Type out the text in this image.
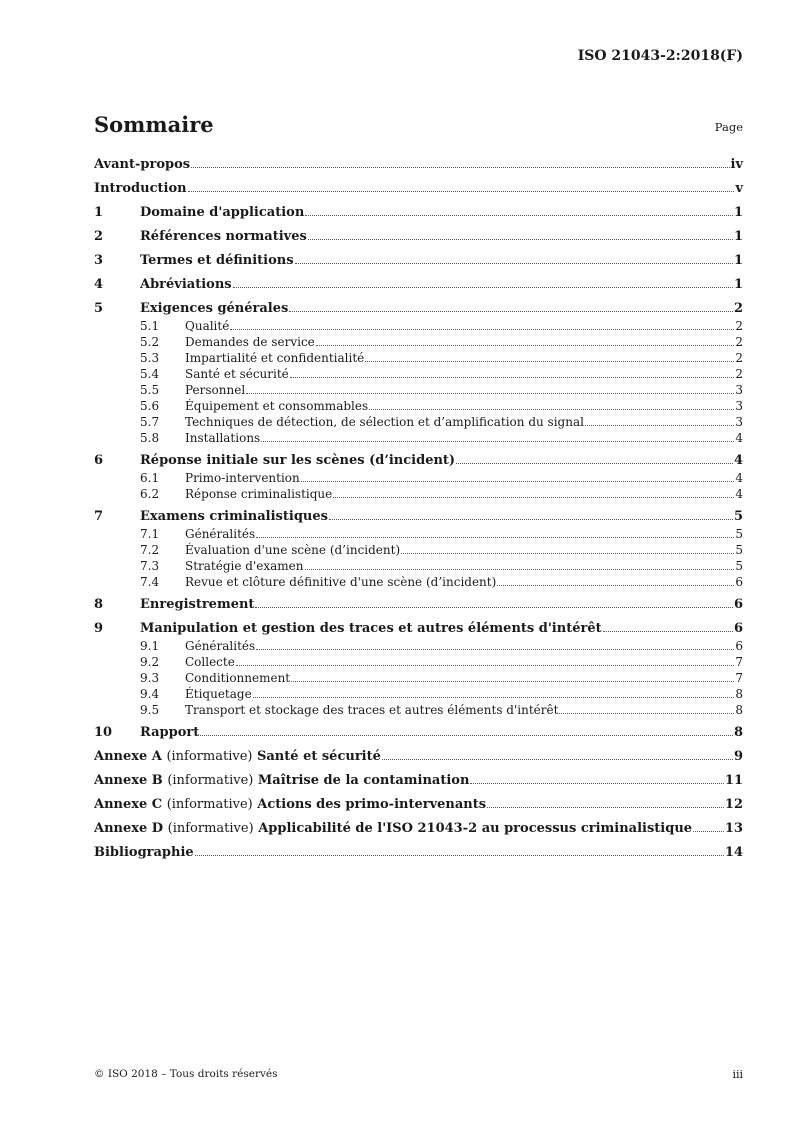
ISO 21043-2:2018(F)
Sommaire	Page
Avant-propos	iv
Introduction	v
1	Domaine d'application	1
2	Références normatives	1
3	Termes et définitions	1
4	Abréviations	1
5	Exigences générales	2
5.1	Qualité	2
5.2	Demandes de service	2
5.3	Impartialité et confidentialité	2
5.4	Santé et sécurité	2
5.5	Personnel	3
5.6	Équipement et consommables	3
5.7	Techniques de détection, de sélection et d’amplification du signal	3
5.8	Installations	4
6	Réponse initiale sur les scènes (d’incident)	4
6.1	Primo-intervention	4
6.2	Réponse criminalistique	4
7	Examens criminalistiques	5
7.1	Généralités	5
7.2	Évaluation d'une scène (d’incident)	5
7.3	Stratégie d'examen	5
7.4	Revue et clôture définitive d'une scène (d’incident)	6
8	Enregistrement	6
9	Manipulation et gestion des traces et autres éléments d'intérêt	6
9.1	Généralités	6
9.2	Collecte	7
9.3	Conditionnement	7
9.4	Étiquetage	8
9.5	Transport et stockage des traces et autres éléments d'intérêt	8
10	Rapport	8
Annexe A (informative) Santé et sécurité	9
Annexe B (informative) Maîtrise de la contamination	11
Annexe C (informative) Actions des primo-intervenants	12
Annexe D (informative) Applicabilité de l'ISO 21043-2 au processus criminalistique	13
Bibliographie	14
© ISO 2018 – Tous droits réservés	iii
